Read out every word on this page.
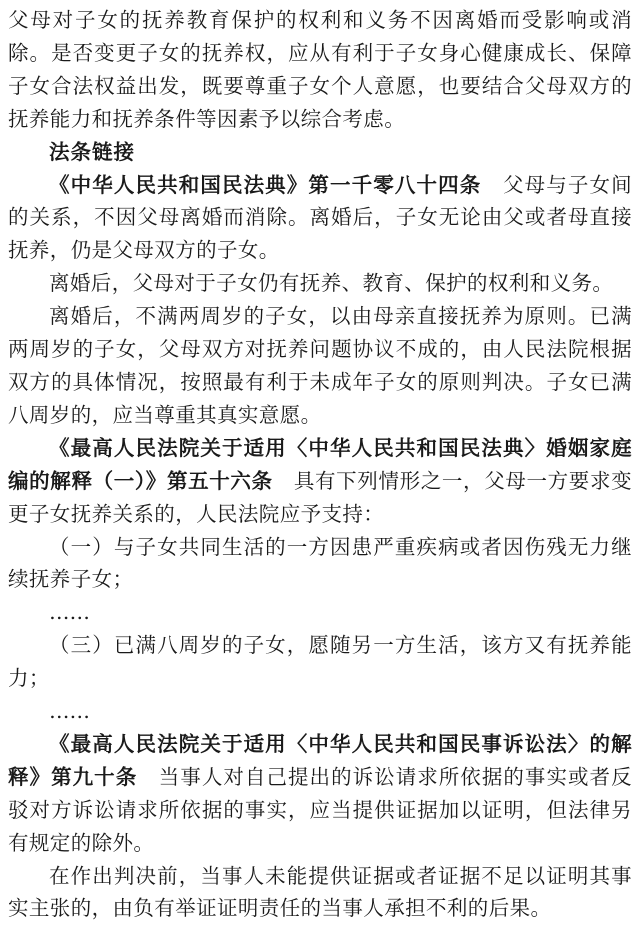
父母对子女的抚养教育保护的权利和义务不因离婚而受影响或消除。是否变更子女的抚养权，应从有利于子女身心健康成长、保障子女合法权益出发，既要尊重子女个人意愿，也要结合父母双方的抚养能力和抚养条件等因素予以综合考虑。

法条链接

《中华人民共和国民法典》第一千零八十四条  父母与子女间的关系，不因父母离婚而消除。离婚后，子女无论由父或者母直接抚养，仍是父母双方的子女。

离婚后，父母对于子女仍有抚养、教育、保护的权利和义务。

离婚后，不满两周岁的子女，以由母亲直接抚养为原则。已满两周岁的子女，父母双方对抚养问题协议不成的，由人民法院根据双方的具体情况，按照最有利于未成年子女的原则判决。子女已满八周岁的，应当尊重其真实意愿。

《最高人民法院关于适用〈中华人民共和国民法典〉婚姻家庭编的解释（一）》第五十六条  具有下列情形之一，父母一方要求变更子女抚养关系的，人民法院应予支持：

（一）与子女共同生活的一方因患严重疾病或者因伤残无力继续抚养子女；

……

（三）已满八周岁的子女，愿随另一方生活，该方又有抚养能力；

……

《最高人民法院关于适用〈中华人民共和国民事诉讼法〉的解释》第九十条  当事人对自己提出的诉讼请求所依据的事实或者反驳对方诉讼请求所依据的事实，应当提供证据加以证明，但法律另有规定的除外。

在作出判决前，当事人未能提供证据或者证据不足以证明其事实主张的，由负有举证证明责任的当事人承担不利的后果。
